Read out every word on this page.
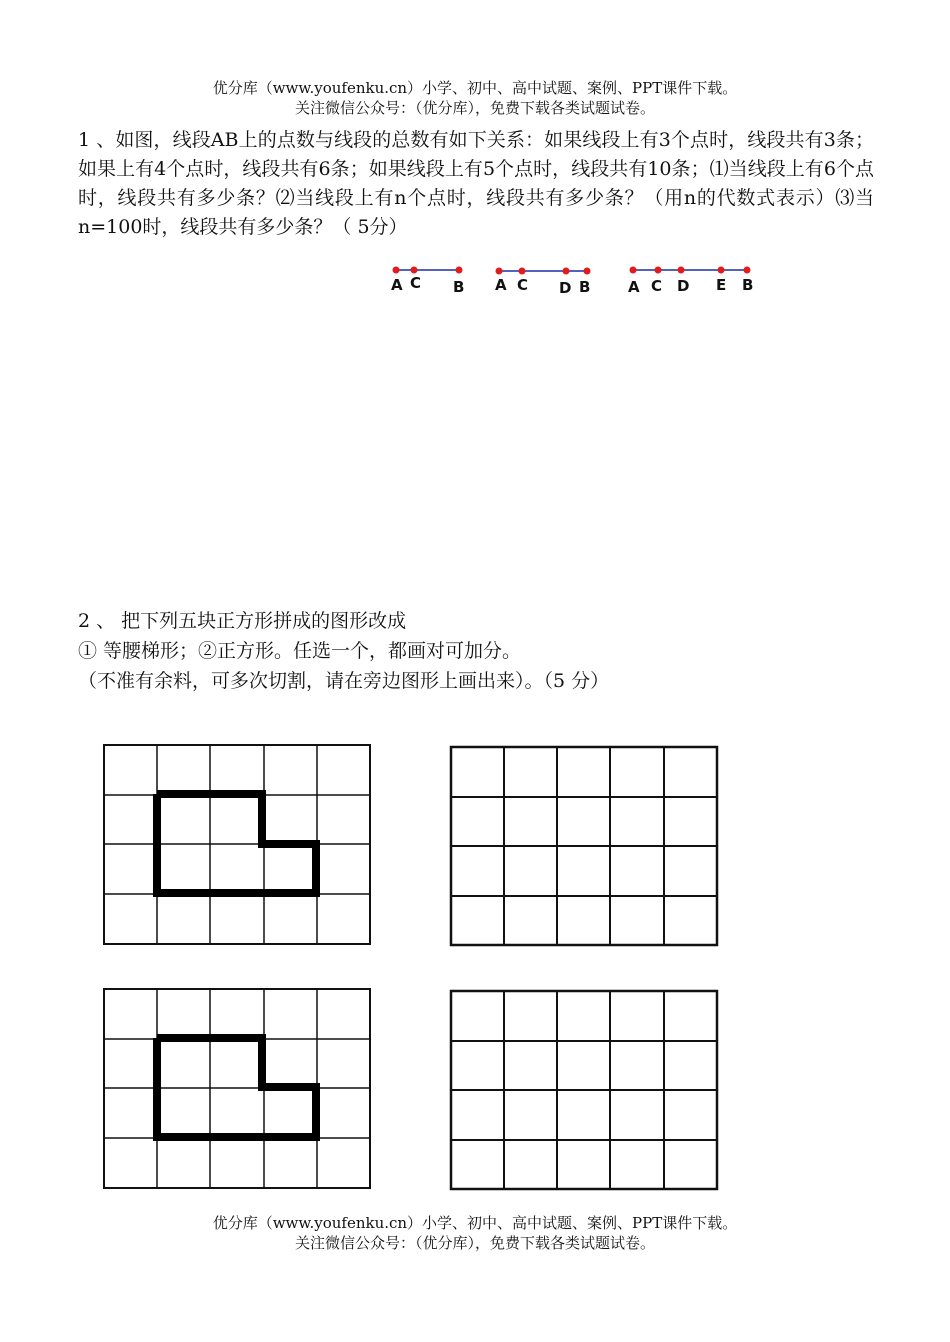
优分库（www.youfenku.cn）小学、初中、高中试题、案例、PPT课件下载。
关注微信公众号：（优分库），免费下载各类试题试卷。
1 、如图，线段AB上的点数与线段的总数有如下关系：如果线段上有3个点时，线段共有3条；如果上有4个点时，线段共有6条；如果线段上有5个点时，线段共有10条；⑴当线段上有6个点时，线段共有多少条？⑵当线段上有n个点时，线段共有多少条？（用n的代数式表示）⑶当n=100时，线段共有多少条？（ 5分）
A C B A C D B	A C D E B
2 、 把下列五块正方形拼成的图形改成
① 等腰梯形；②正方形。任选一个，都画对可加分。
（不准有余料，可多次切割，请在旁边图形上画出来）。（5 分）
优分库（www.youfenku.cn）小学、初中、高中试题、案例、PPT课件下载。
关注微信公众号：（优分库），免费下载各类试题试卷。
